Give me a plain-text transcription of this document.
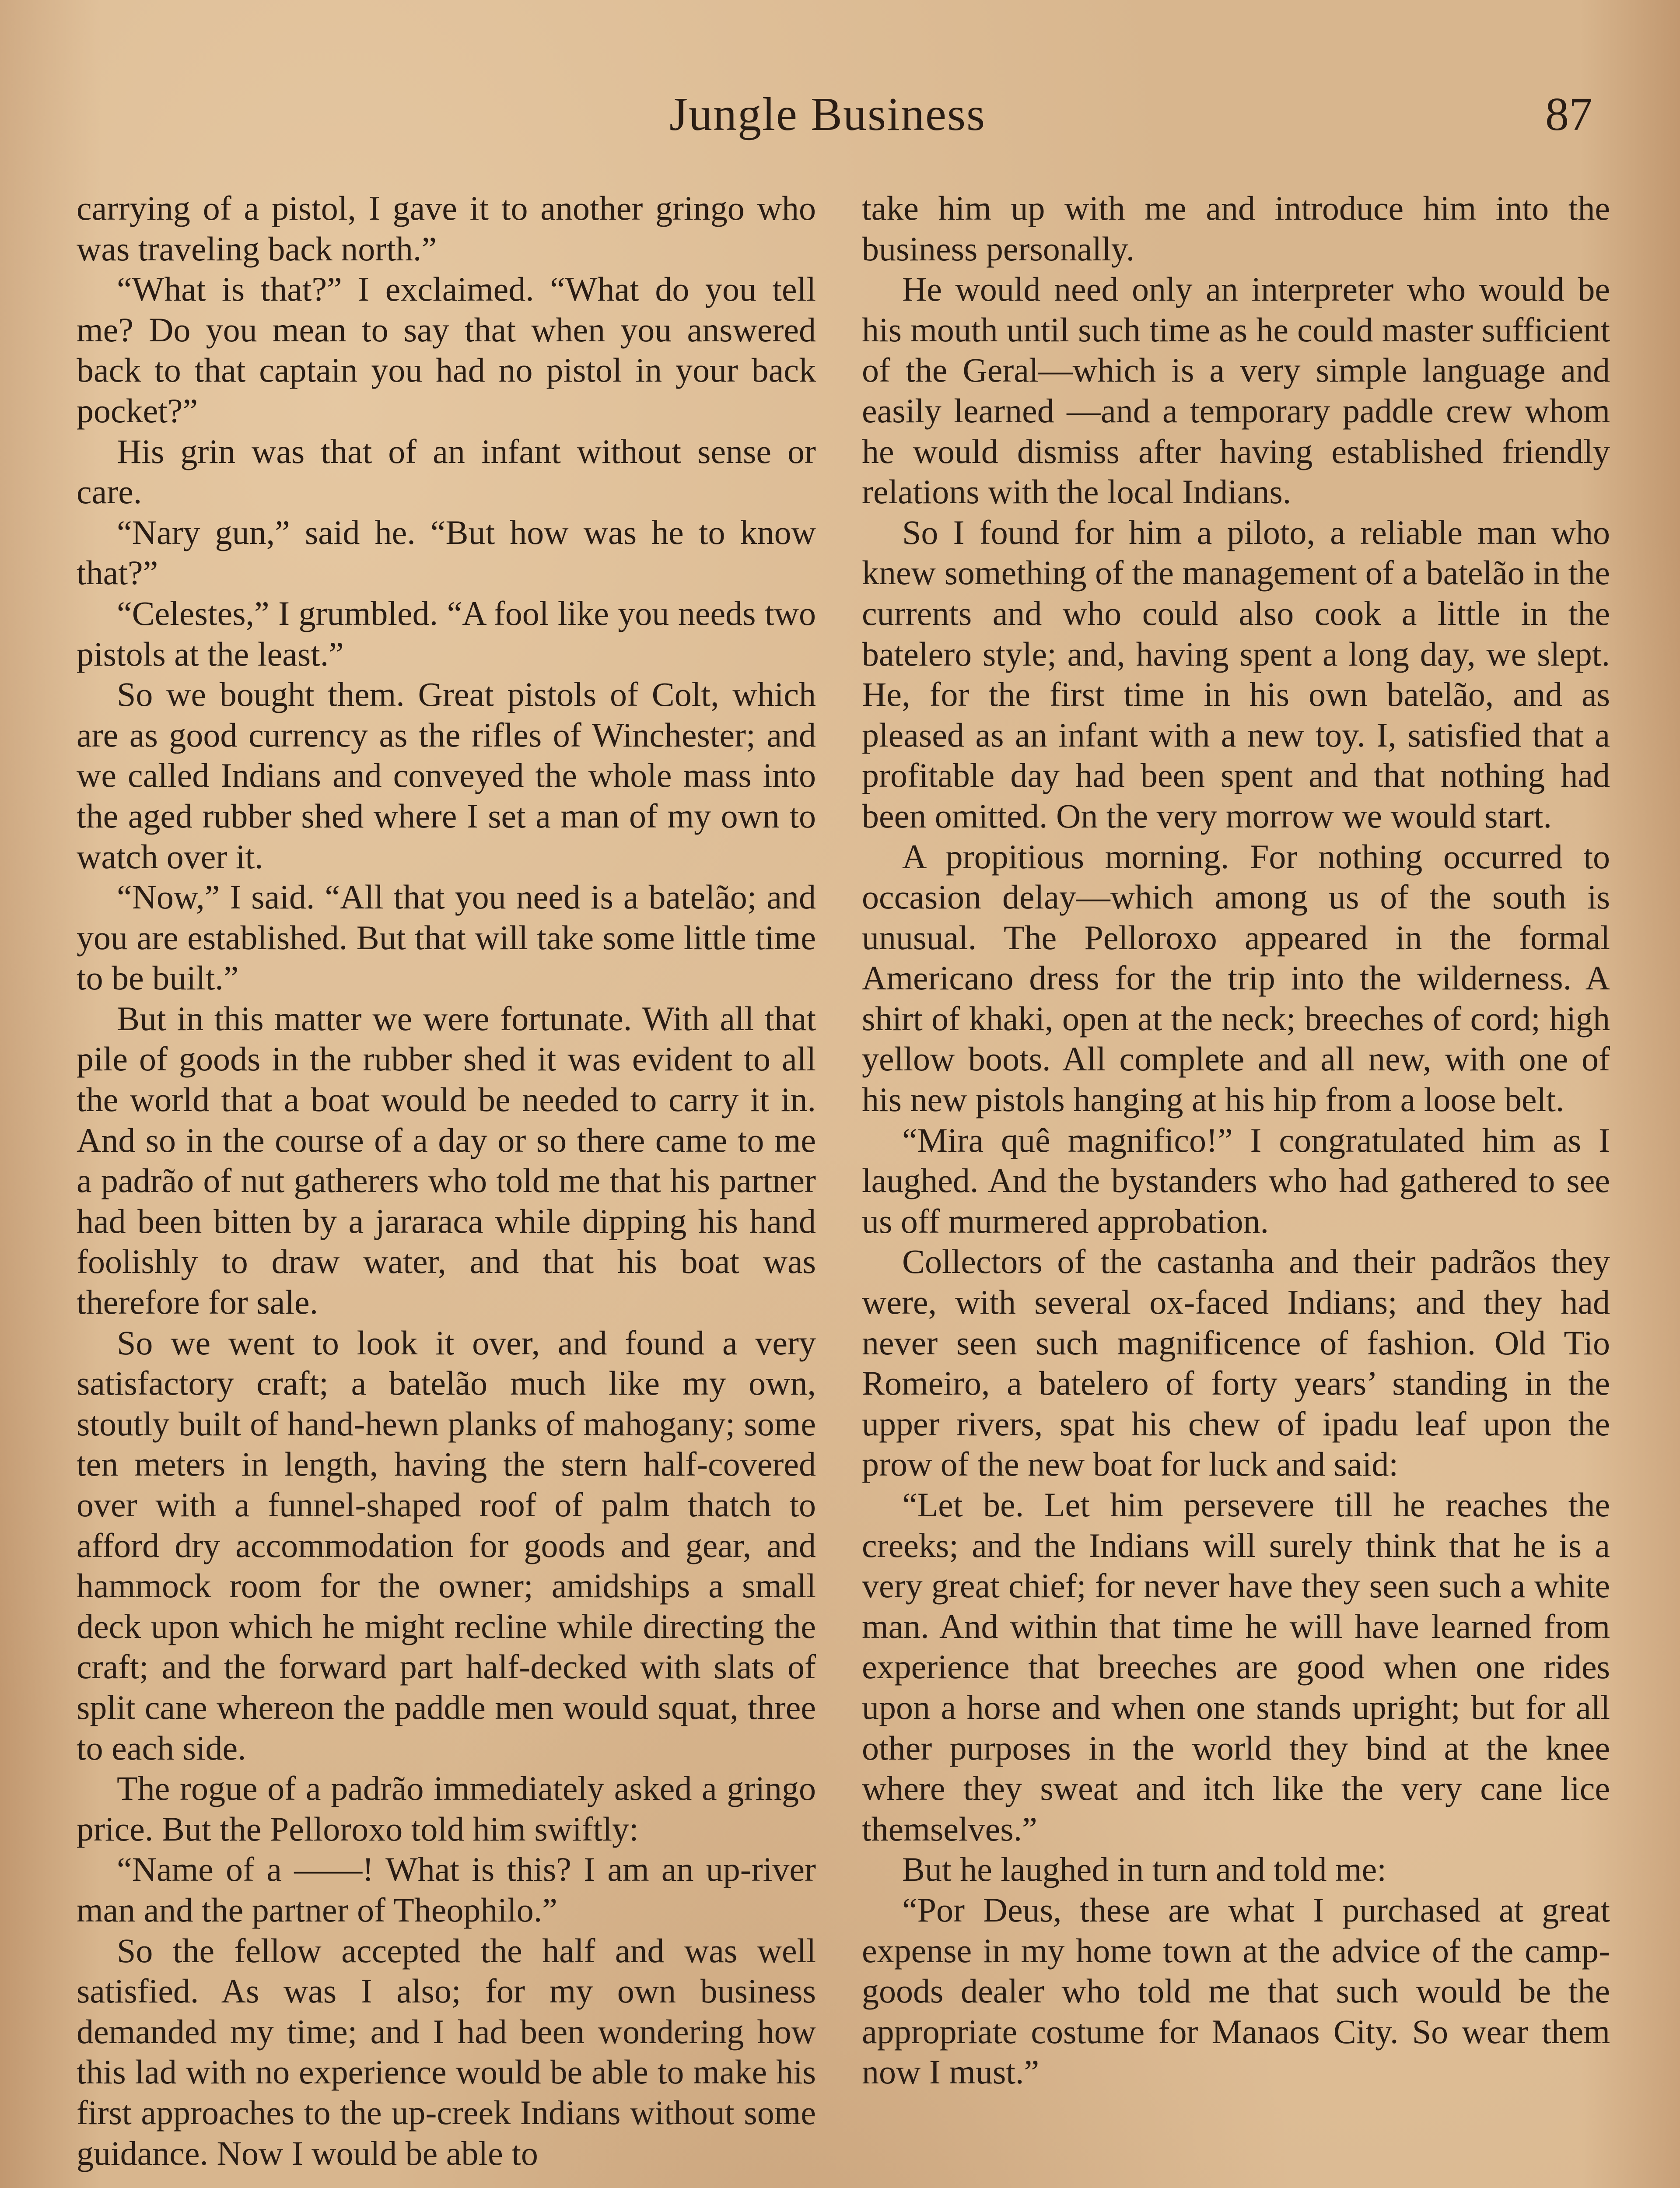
Jungle Business	87

carrying of a pistol, I gave it to another gringo who was traveling back north.”

“What is that?” I exclaimed. “What do you tell me? Do you mean to say that when you answered back to that captain you had no pistol in your back pocket?”

His grin was that of an infant without sense or care.

“Nary gun,” said he. “But how was he to know that?”

“Celestes,” I grumbled. “A fool like you needs two pistols at the least.”

So we bought them. Great pistols of Colt, which are as good currency as the rifles of Winchester; and we called Indians and conveyed the whole mass into the aged rubber shed where I set a man of my own to watch over it.

“Now,” I said. “All that you need is a batelão; and you are established. But that will take some little time to be built.”

But in this matter we were fortunate. With all that pile of goods in the rubber shed it was evident to all the world that a boat would be needed to carry it in. And so in the course of a day or so there came to me a padrão of nut gatherers who told me that his partner had been bitten by a jararaca while dipping his hand foolishly to draw water, and that his boat was therefore for sale.

So we went to look it over, and found a very satisfactory craft; a batelão much like my own, stoutly built of hand-hewn planks of mahogany; some ten meters in length, having the stern half-covered over with a funnel-shaped roof of palm thatch to afford dry accommodation for goods and gear, and hammock room for the owner; amidships a small deck upon which he might recline while directing the craft; and the forward part half-decked with slats of split cane whereon the paddle men would squat, three to each side.

The rogue of a padrão immediately asked a gringo price. But the Pelloroxo told him swiftly:

“Name of a ——! What is this? I am an up-river man and the partner of Theophilo.”

So the fellow accepted the half and was well satisfied. As was I also; for my own business demanded my time; and I had been wondering how this lad with no experience would be able to make his first approaches to the up-creek Indians without some guidance. Now I would be able to

take him up with me and introduce him into the business personally.

He would need only an interpreter who would be his mouth until such time as he could master sufficient of the Geral—which is a very simple language and easily learned —and a temporary paddle crew whom he would dismiss after having established friendly relations with the local Indians.

So I found for him a piloto, a reliable man who knew something of the management of a batelão in the currents and who could also cook a little in the batelero style; and, having spent a long day, we slept. He, for the first time in his own batelão, and as pleased as an infant with a new toy. I, satisfied that a profitable day had been spent and that nothing had been omitted. On the very morrow we would start.

A propitious morning. For nothing occurred to occasion delay—which among us of the south is unusual. The Pelloroxo appeared in the formal Americano dress for the trip into the wilderness. A shirt of khaki, open at the neck; breeches of cord; high yellow boots. All complete and all new, with one of his new pistols hanging at his hip from a loose belt.

“Mira quê magnifico!” I congratulated him as I laughed. And the bystanders who had gathered to see us off murmered approbation.

Collectors of the castanha and their padrãos they were, with several ox-faced Indians; and they had never seen such magnificence of fashion. Old Tio Romeiro, a batelero of forty years’ standing in the upper rivers, spat his chew of ipadu leaf upon the prow of the new boat for luck and said:

“Let be. Let him persevere till he reaches the creeks; and the Indians will surely think that he is a very great chief; for never have they seen such a white man. And within that time he will have learned from experience that breeches are good when one rides upon a horse and when one stands upright; but for all other purposes in the world they bind at the knee where they sweat and itch like the very cane lice themselves.”

But he laughed in turn and told me:

“Por Deus, these are what I purchased at great expense in my home town at the advice of the camp-goods dealer who told me that such would be the appropriate costume for Manaos City. So wear them now I must.”
